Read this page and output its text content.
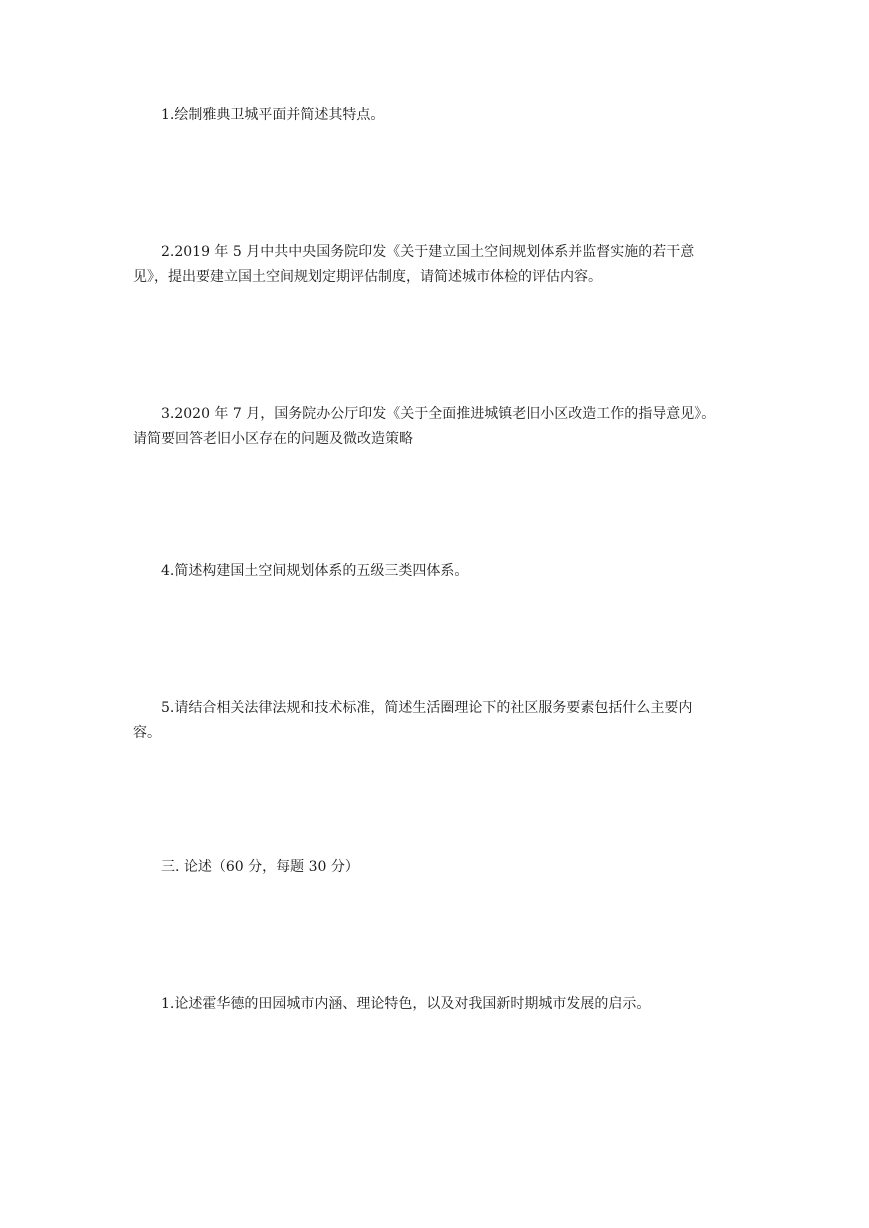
1.绘制雅典卫城平面并简述其特点。

2.2019 年 5 月中共中央国务院印发《关于建立国土空间规划体系并监督实施的若干意
见》，提出要建立国土空间规划定期评估制度，请简述城市体检的评估内容。

3.2020 年 7 月，国务院办公厅印发《关于全面推进城镇老旧小区改造工作的指导意见》。
请简要回答老旧小区存在的问题及微改造策略

4.简述构建国土空间规划体系的五级三类四体系。

5.请结合相关法律法规和技术标准，简述生活圈理论下的社区服务要素包括什么主要内
容。

三. 论述（60 分，每题 30 分）

1.论述霍华德的田园城市内涵、理论特色，以及对我国新时期城市发展的启示。
